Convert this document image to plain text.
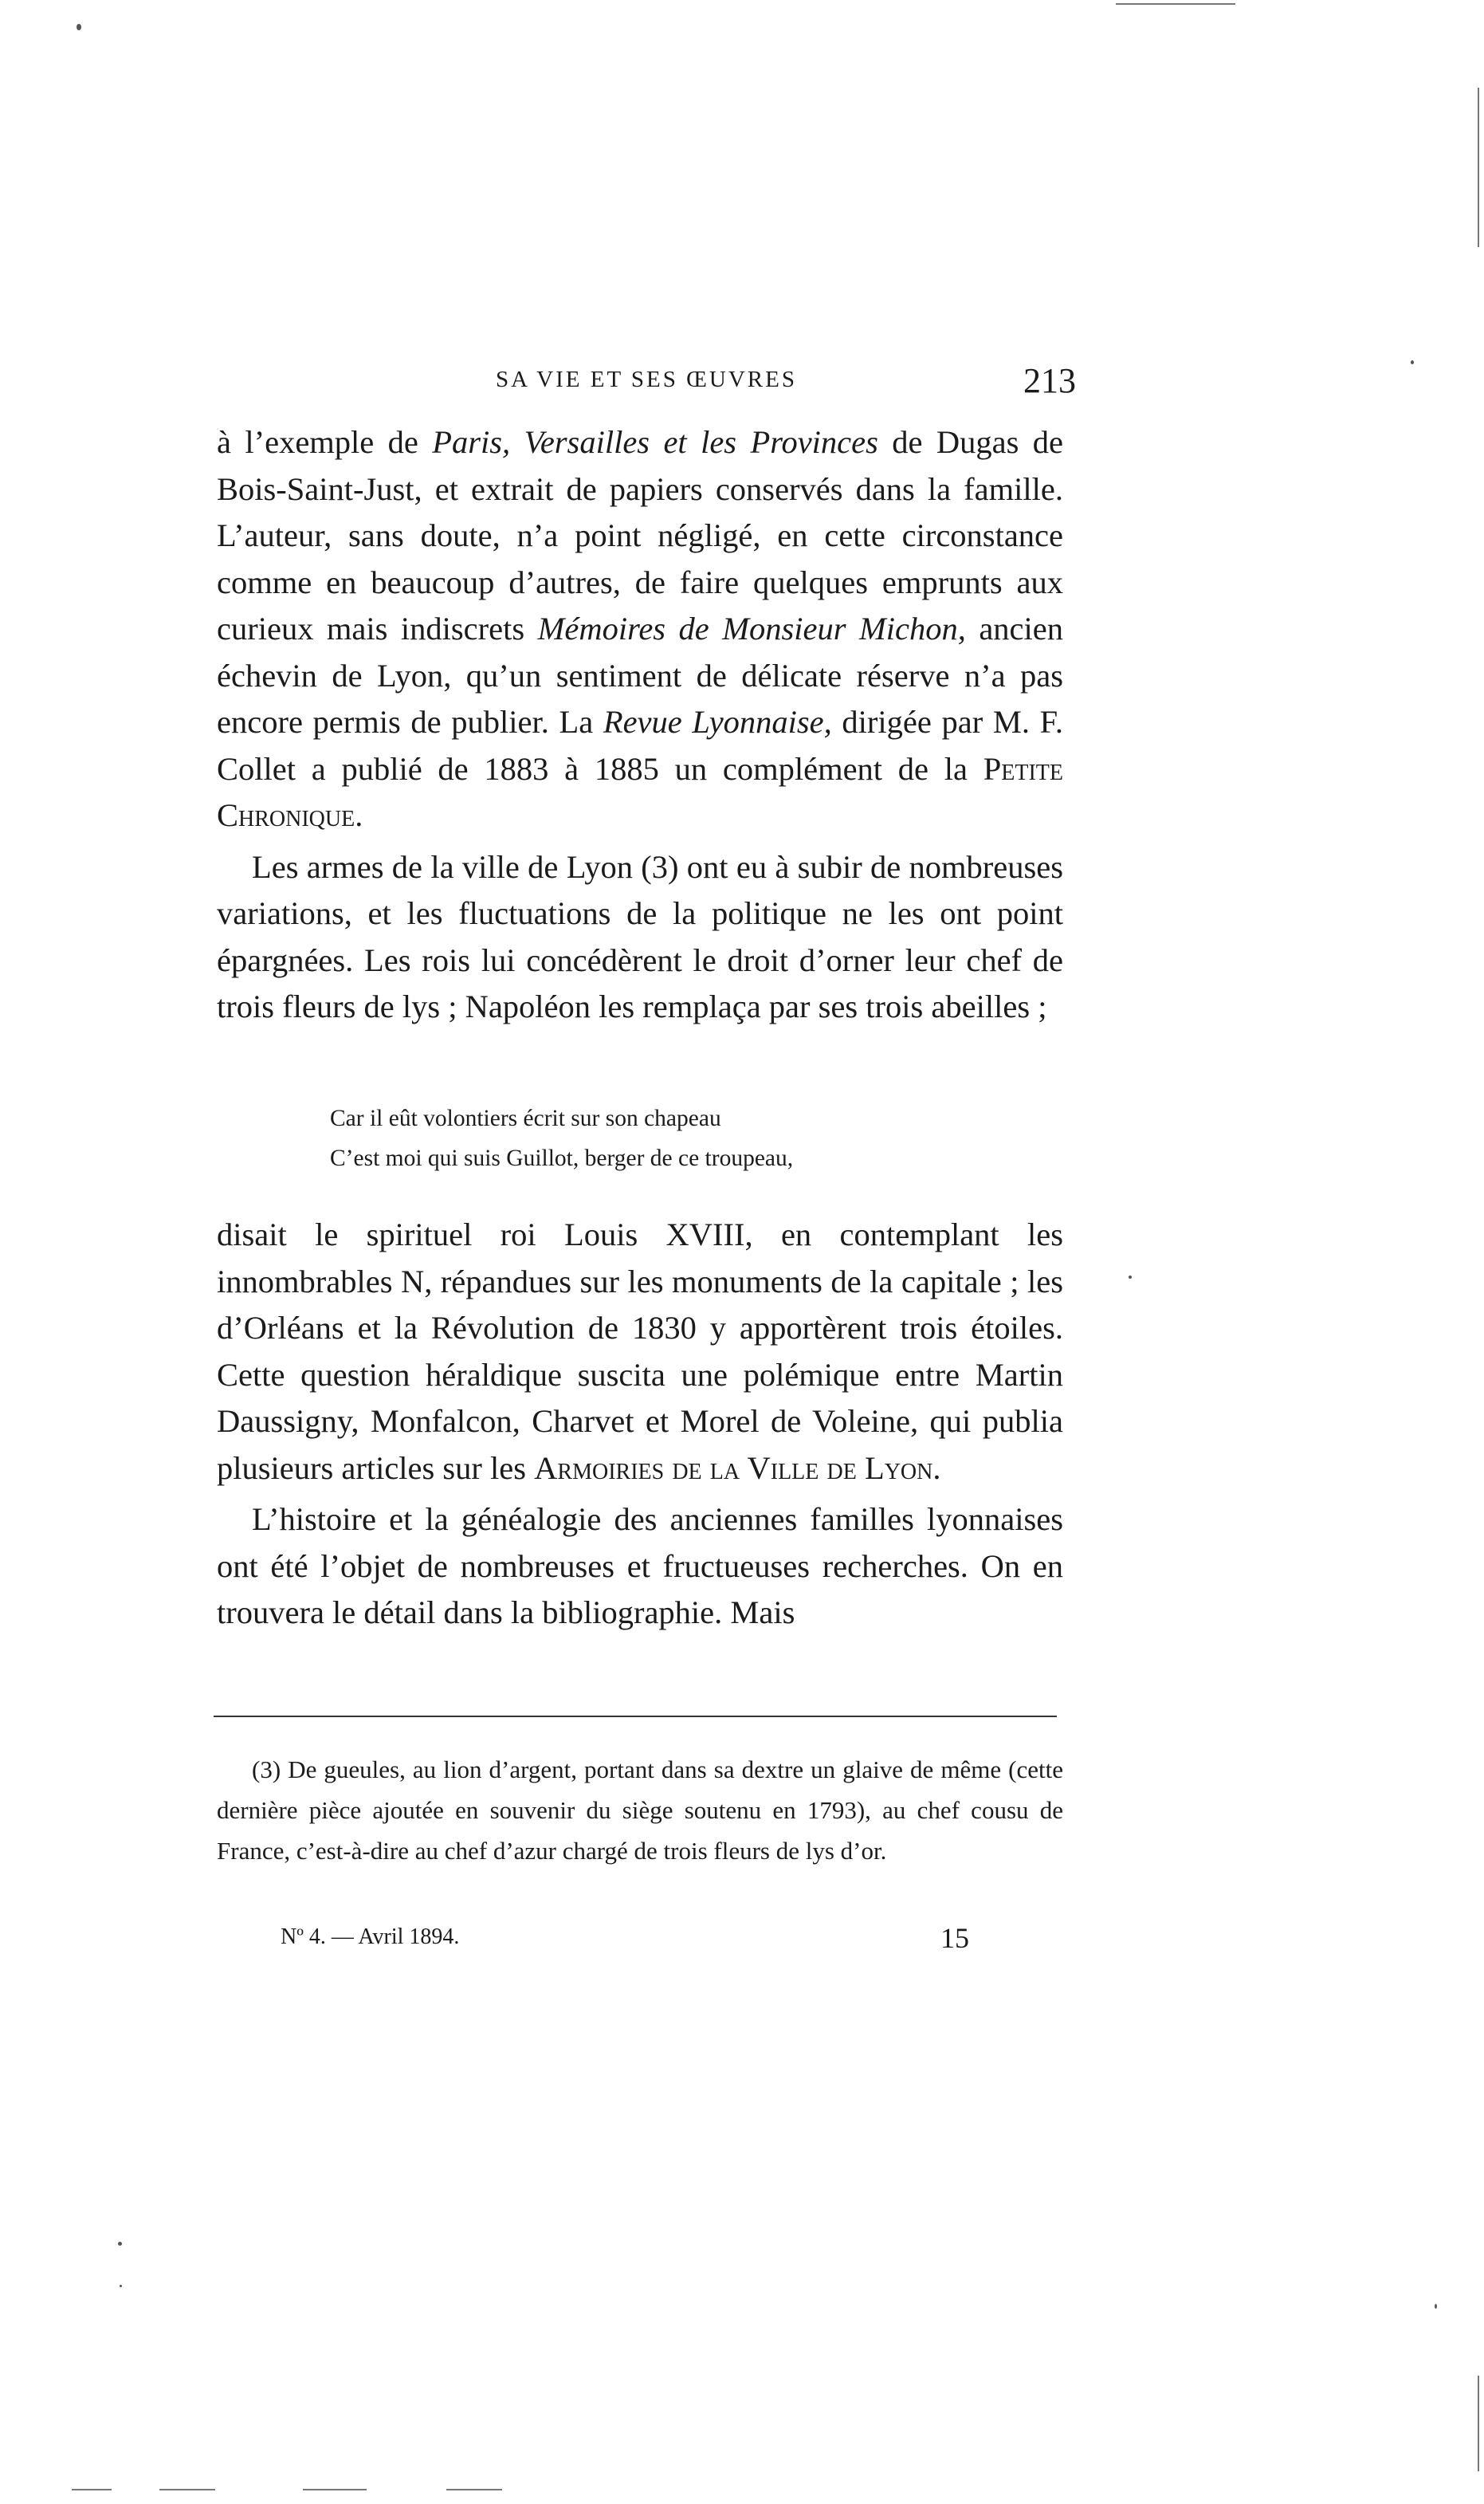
SA VIE ET SES ŒUVRES	213

à l’exemple de Paris, Versailles et les Provinces de Dugas de Bois-Saint-Just, et extrait de papiers conservés dans la famille. L’auteur, sans doute, n’a point négligé, en cette circonstance comme en beaucoup d’autres, de faire quelques emprunts aux curieux mais indiscrets Mémoires de Monsieur Michon, ancien échevin de Lyon, qu’un sentiment de délicate réserve n’a pas encore permis de publier. La Revue Lyonnaise, dirigée par M. F. Collet a publié de 1883 à 1885 un complément de la Petite Chronique.

Les armes de la ville de Lyon (3) ont eu à subir de nombreuses variations, et les fluctuations de la politique ne les ont point épargnées. Les rois lui concédèrent le droit d’orner leur chef de trois fleurs de lys ; Napoléon les remplaça par ses trois abeilles ;

Car il eût volontiers écrit sur son chapeau
C’est moi qui suis Guillot, berger de ce troupeau,

disait le spirituel roi Louis XVIII, en contemplant les innombrables N, répandues sur les monuments de la capitale ; les d’Orléans et la Révolution de 1830 y apportèrent trois étoiles. Cette question héraldique suscita une polémique entre Martin Daussigny, Monfalcon, Charvet et Morel de Voleine, qui publia plusieurs articles sur les Armoiries de la Ville de Lyon.

L’histoire et la généalogie des anciennes familles lyonnaises ont été l’objet de nombreuses et fructueuses recherches. On en trouvera le détail dans la bibliographie. Mais

(3) De gueules, au lion d’argent, portant dans sa dextre un glaive de même (cette dernière pièce ajoutée en souvenir du siège soutenu en 1793), au chef cousu de France, c’est-à-dire au chef d’azur chargé de trois fleurs de lys d’or.

Nº 4. — Avril 1894.	15
